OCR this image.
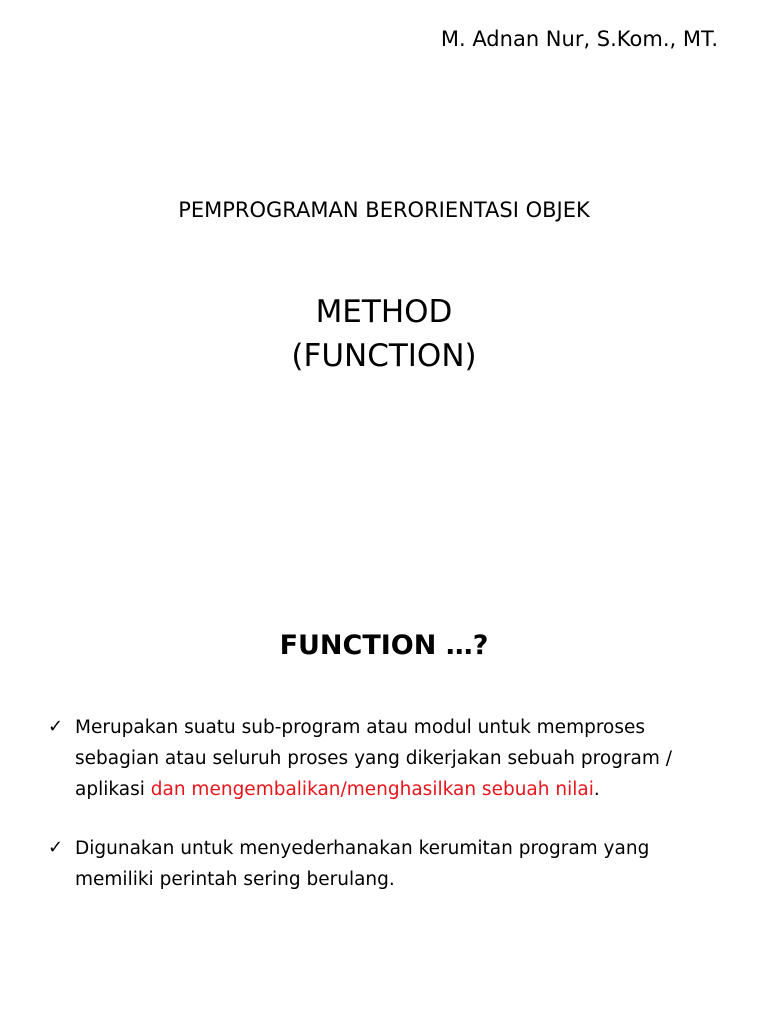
M. Adnan Nur, S.Kom., MT.
PEMPROGRAMAN BERORIENTASI OBJEK
METHOD
(FUNCTION)
FUNCTION …?
✓ Merupakan suatu sub-program atau modul untuk memproses sebagian atau seluruh proses yang dikerjakan sebuah program / aplikasi dan mengembalikan/menghasilkan sebuah nilai.
✓ Digunakan untuk menyederhanakan kerumitan program yang memiliki perintah sering berulang.
